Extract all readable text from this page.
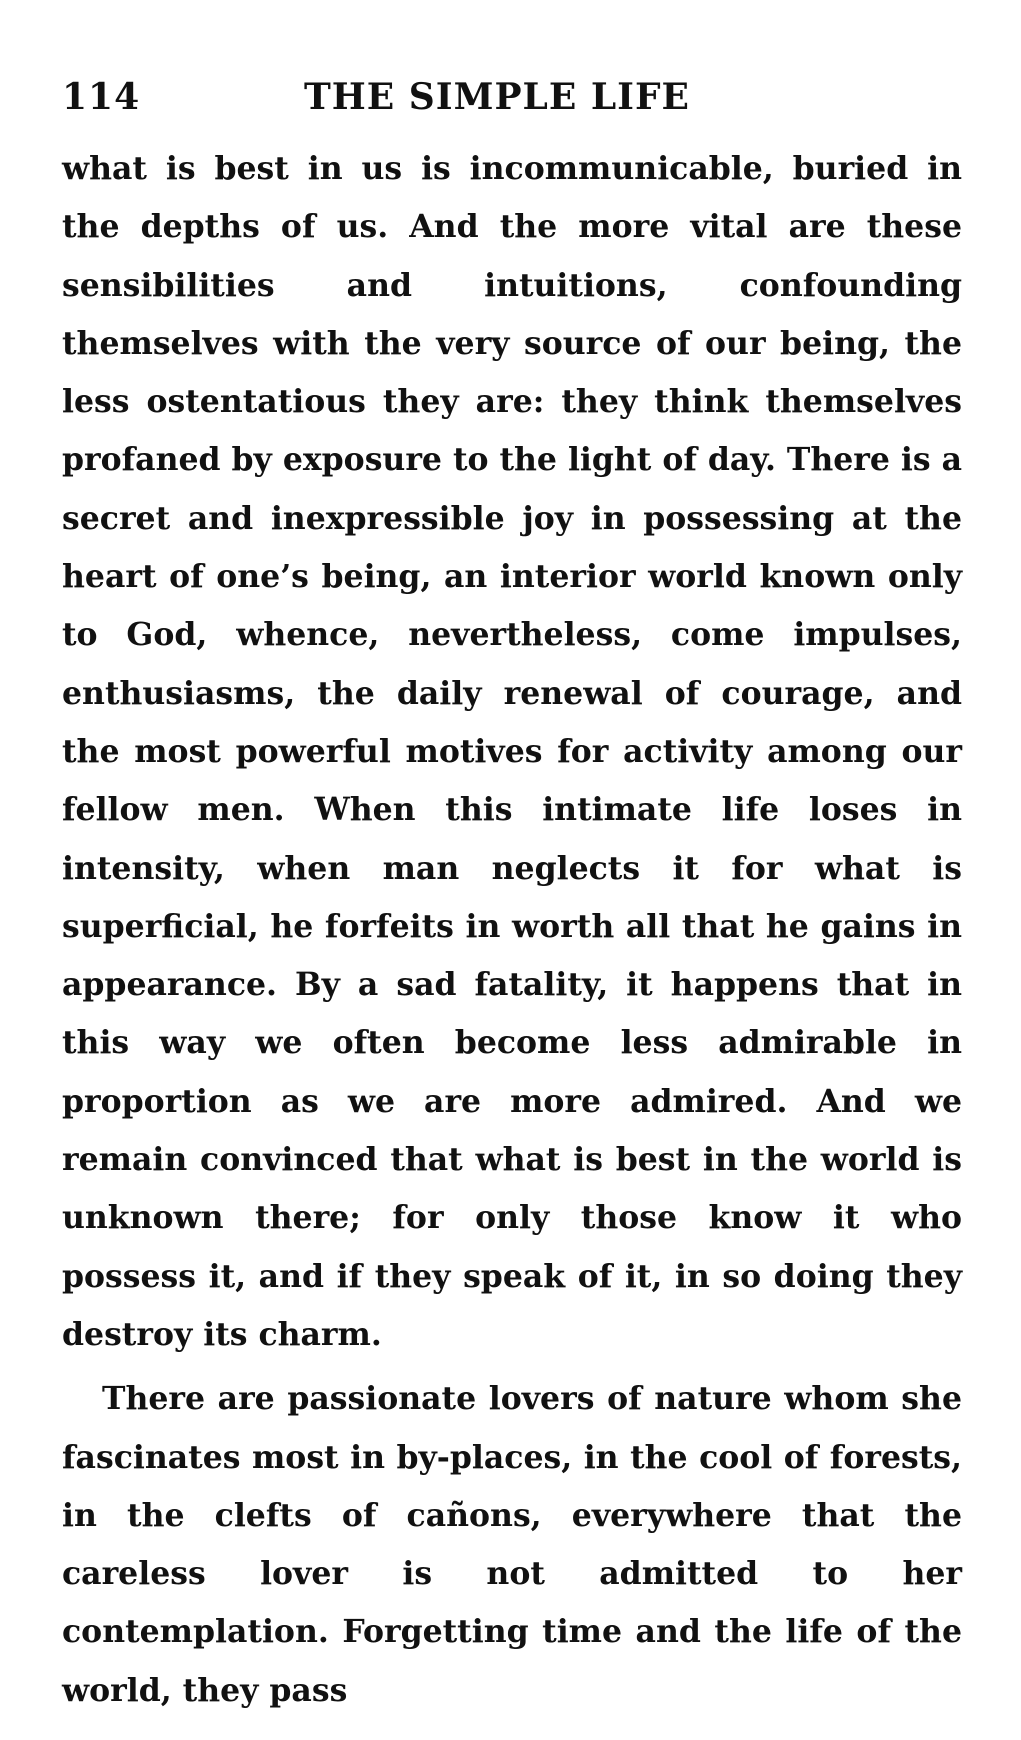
114	THE SIMPLE LIFE

what is best in us is incommunicable, buried in the depths of us. And the more vital are these sensibilities and intuitions, confounding themselves with the very source of our being, the less ostentatious they are: they think themselves profaned by exposure to the light of day. There is a secret and inexpressible joy in possessing at the heart of one’s being, an interior world known only to God, whence, nevertheless, come impulses, enthusiasms, the daily renewal of courage, and the most powerful motives for activity among our fellow men. When this intimate life loses in intensity, when man neglects it for what is superficial, he forfeits in worth all that he gains in appearance. By a sad fatality, it happens that in this way we often become less admirable in proportion as we are more admired. And we remain convinced that what is best in the world is unknown there; for only those know it who possess it, and if they speak of it, in so doing they destroy its charm.

There are passionate lovers of nature whom she fascinates most in by-places, in the cool of forests, in the clefts of cañons, everywhere that the careless lover is not admitted to her contemplation. Forgetting time and the life of the world, they pass
